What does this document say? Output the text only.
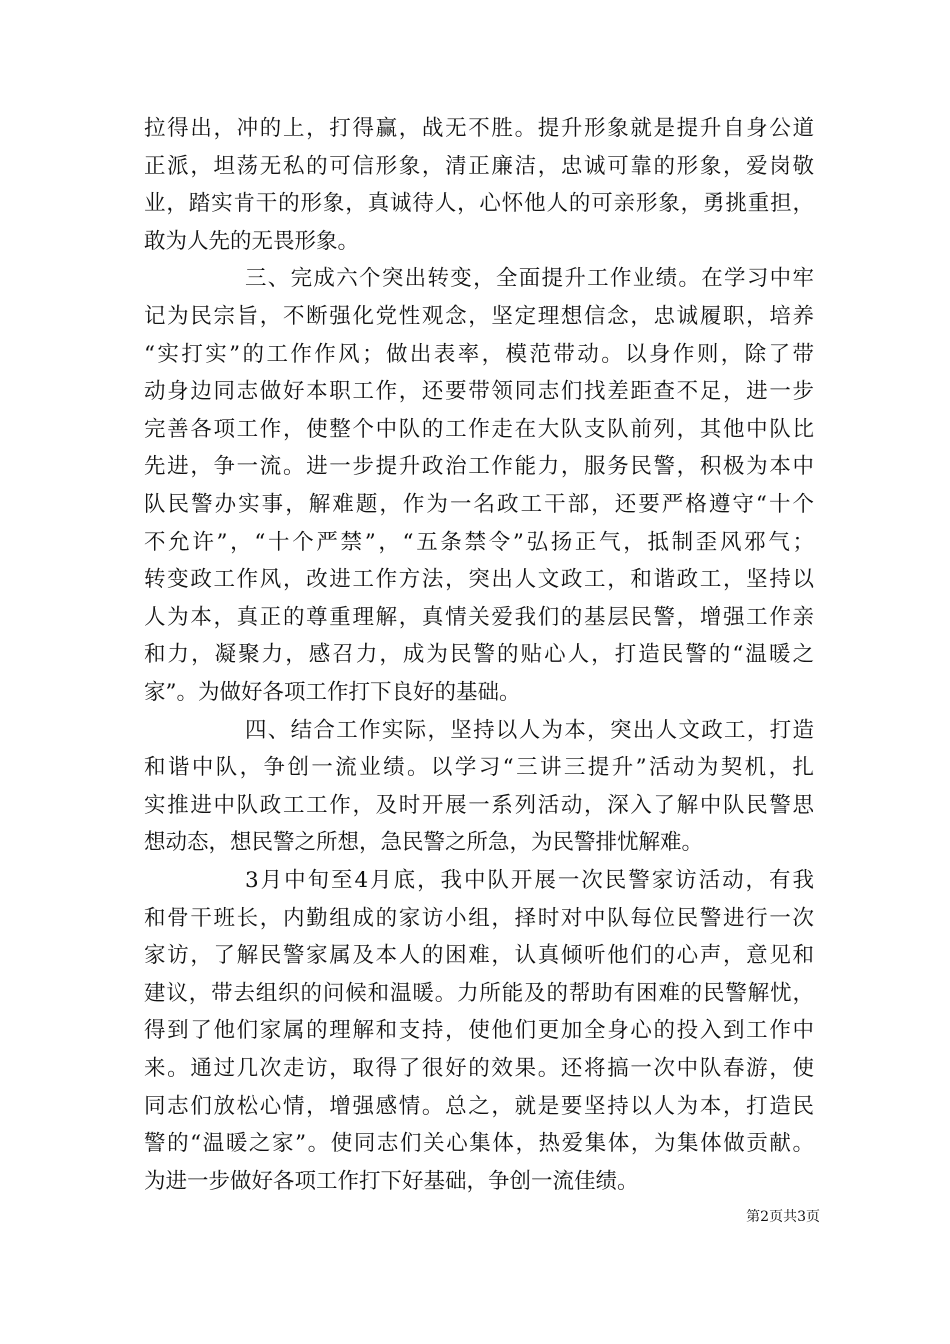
拉得出，冲的上，打得赢，战无不胜。提升形象就是提升自身公道
正派，坦荡无私的可信形象，清正廉洁，忠诚可靠的形象，爱岗敬
业，踏实肯干的形象，真诚待人，心怀他人的可亲形象，勇挑重担，
敢为人先的无畏形象。
三、完成六个突出转变，全面提升工作业绩。在学习中牢
记为民宗旨，不断强化党性观念，坚定理想信念，忠诚履职，培养
“实打实”的工作作风；做出表率，模范带动。以身作则，除了带
动身边同志做好本职工作，还要带领同志们找差距查不足，进一步
完善各项工作，使整个中队的工作走在大队支队前列，其他中队比
先进，争一流。进一步提升政治工作能力，服务民警，积极为本中
队民警办实事，解难题，作为一名政工干部，还要严格遵守“十个
不允许”，“十个严禁”，“五条禁令”弘扬正气，抵制歪风邪气；
转变政工作风，改进工作方法，突出人文政工，和谐政工，坚持以
人为本，真正的尊重理解，真情关爱我们的基层民警，增强工作亲
和力，凝聚力，感召力，成为民警的贴心人，打造民警的“温暖之
家”。为做好各项工作打下良好的基础。
四、结合工作实际，坚持以人为本，突出人文政工，打造
和谐中队，争创一流业绩。以学习“三讲三提升”活动为契机，扎
实推进中队政工工作，及时开展一系列活动，深入了解中队民警思
想动态，想民警之所想，急民警之所急，为民警排忧解难。
3月中旬至4月底，我中队开展一次民警家访活动，有我
和骨干班长，内勤组成的家访小组，择时对中队每位民警进行一次
家访，了解民警家属及本人的困难，认真倾听他们的心声，意见和
建议，带去组织的问候和温暖。力所能及的帮助有困难的民警解忧，
得到了他们家属的理解和支持，使他们更加全身心的投入到工作中
来。通过几次走访，取得了很好的效果。还将搞一次中队春游，使
同志们放松心情，增强感情。总之，就是要坚持以人为本，打造民
警的“温暖之家”。使同志们关心集体，热爱集体，为集体做贡献。
为进一步做好各项工作打下好基础，争创一流佳绩。
第2页共3页
